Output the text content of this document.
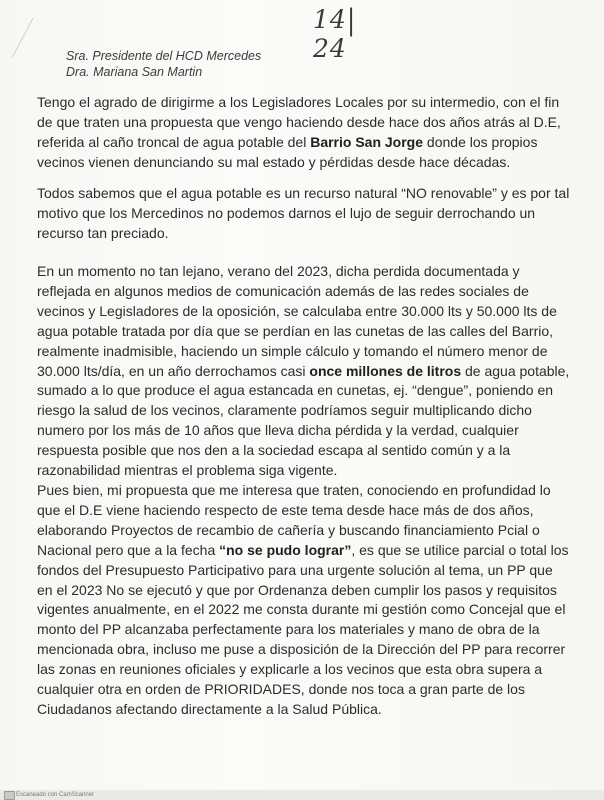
14|24
Sra. Presidente del HCD Mercedes
Dra. Mariana San Martin

Tengo el agrado de dirigirme a los Legisladores Locales por su intermedio, con el fin de que traten una propuesta que vengo haciendo desde hace dos años atrás al D.E, referida al caño troncal de agua potable del Barrio San Jorge donde los propios vecinos vienen denunciando su mal estado y pérdidas desde hace décadas.

Todos sabemos que el agua potable es un recurso natural “NO renovable” y es por tal motivo que los Mercedinos no podemos darnos el lujo de seguir derrochando un recurso tan preciado.

En un momento no tan lejano, verano del 2023, dicha perdida documentada y reflejada en algunos medios de comunicación además de las redes sociales de vecinos y Legisladores de la oposición, se calculaba entre 30.000 lts y 50.000 lts de agua potable tratada por día que se perdían en las cunetas de las calles del Barrio, realmente inadmisible, haciendo un simple cálculo y tomando el número menor de 30.000 lts/día, en un año derrochamos casi once millones de litros de agua potable, sumado a lo que produce el agua estancada en cunetas, ej. “dengue”, poniendo en riesgo la salud de los vecinos, claramente podríamos seguir multiplicando dicho numero por los más de 10 años que lleva dicha pérdida y la verdad, cualquier respuesta posible que nos den a la sociedad escapa al sentido común y a la razonabilidad mientras el problema siga vigente.

Pues bien, mi propuesta que me interesa que traten, conociendo en profundidad lo que el D.E viene haciendo respecto de este tema desde hace más de dos años, elaborando Proyectos de recambio de cañería y buscando financiamiento Pcial o Nacional pero que a la fecha “no se pudo lograr”, es que se utilice parcial o total los fondos del Presupuesto Participativo para una urgente solución al tema, un PP que en el 2023 No se ejecutó y que por Ordenanza deben cumplir los pasos y requisitos vigentes anualmente, en el 2022 me consta durante mi gestión como Concejal que el monto del PP alcanzaba perfectamente para los materiales y mano de obra de la mencionada obra, incluso me puse a disposición de la Dirección del PP para recorrer las zonas en reuniones oficiales y explicarle a los vecinos que esta obra supera a cualquier otra en orden de PRIORIDADES, donde nos toca a gran parte de los Ciudadanos afectando directamente a la Salud Pública.

Escaneado con CamScanner
